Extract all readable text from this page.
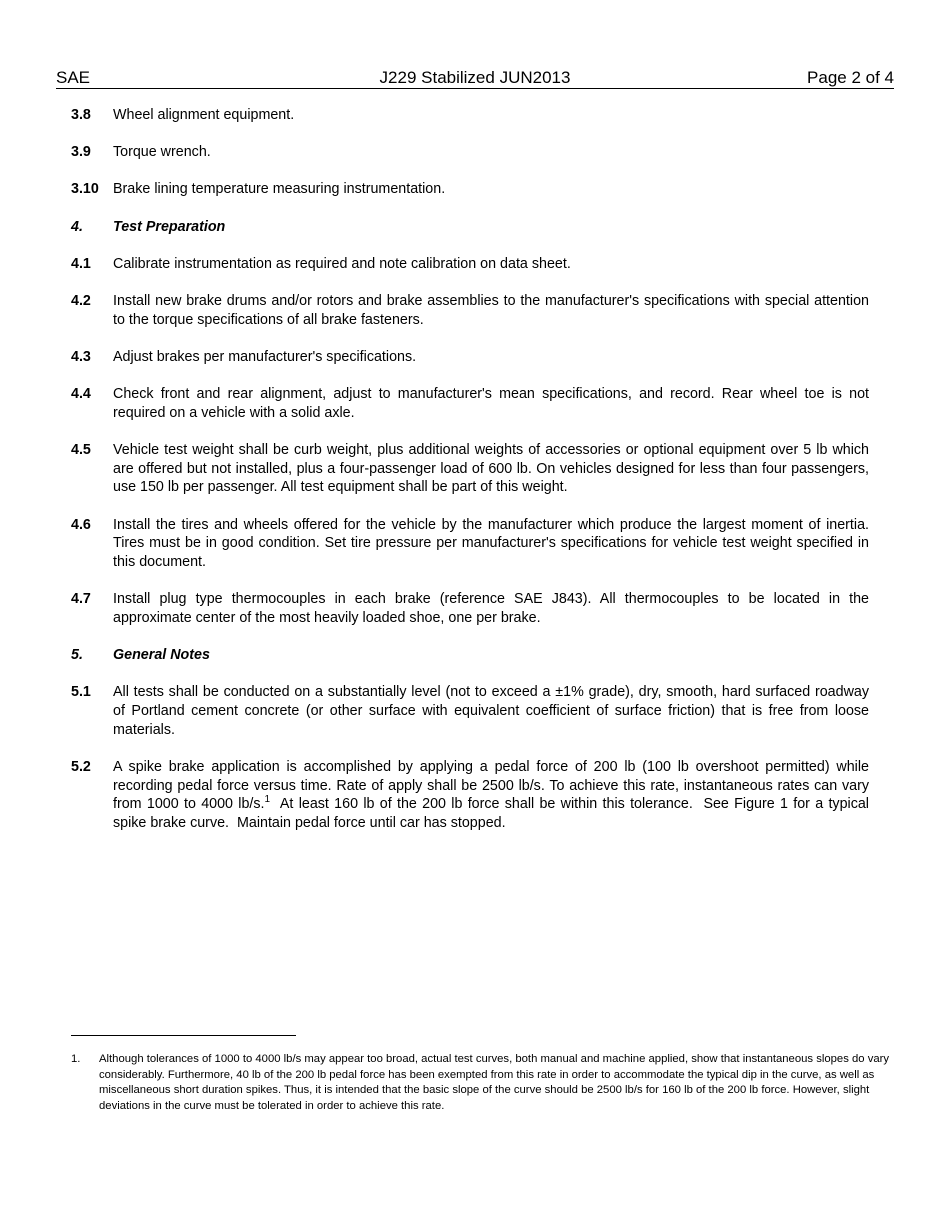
SAE	J229 Stabilized JUN2013	Page 2 of 4
3.8 Wheel alignment equipment.
3.9 Torque wrench.
3.10 Brake lining temperature measuring instrumentation.
4. Test Preparation
4.1 Calibrate instrumentation as required and note calibration on data sheet.
4.2 Install new brake drums and/or rotors and brake assemblies to the manufacturer's specifications with special attention to the torque specifications of all brake fasteners.
4.3 Adjust brakes per manufacturer's specifications.
4.4 Check front and rear alignment, adjust to manufacturer's mean specifications, and record. Rear wheel toe is not required on a vehicle with a solid axle.
4.5 Vehicle test weight shall be curb weight, plus additional weights of accessories or optional equipment over 5 lb which are offered but not installed, plus a four-passenger load of 600 lb. On vehicles designed for less than four passengers, use 150 lb per passenger. All test equipment shall be part of this weight.
4.6 Install the tires and wheels offered for the vehicle by the manufacturer which produce the largest moment of inertia. Tires must be in good condition. Set tire pressure per manufacturer's specifications for vehicle test weight specified in this document.
4.7 Install plug type thermocouples in each brake (reference SAE J843). All thermocouples to be located in the approximate center of the most heavily loaded shoe, one per brake.
5. General Notes
5.1 All tests shall be conducted on a substantially level (not to exceed a ±1% grade), dry, smooth, hard surfaced roadway of Portland cement concrete (or other surface with equivalent coefficient of surface friction) that is free from loose materials.
5.2 A spike brake application is accomplished by applying a pedal force of 200 lb (100 lb overshoot permitted) while recording pedal force versus time. Rate of apply shall be 2500 lb/s. To achieve this rate, instantaneous rates can vary from 1000 to 4000 lb/s.$^1$  At least 160 lb of the 200 lb force shall be within this tolerance.  See Figure 1 for a typical spike brake curve.  Maintain pedal force until car has stopped.
1. Although tolerances of 1000 to 4000 lb/s may appear too broad, actual test curves, both manual and machine applied, show that instantaneous slopes do vary considerably. Furthermore, 40 lb of the 200 lb pedal force has been exempted from this rate in order to accommodate the typical dip in the curve, as well as miscellaneous short duration spikes. Thus, it is intended that the basic slope of the curve should be 2500 lb/s for 160 lb of the 200 lb force. However, slight deviations in the curve must be tolerated in order to achieve this rate.
